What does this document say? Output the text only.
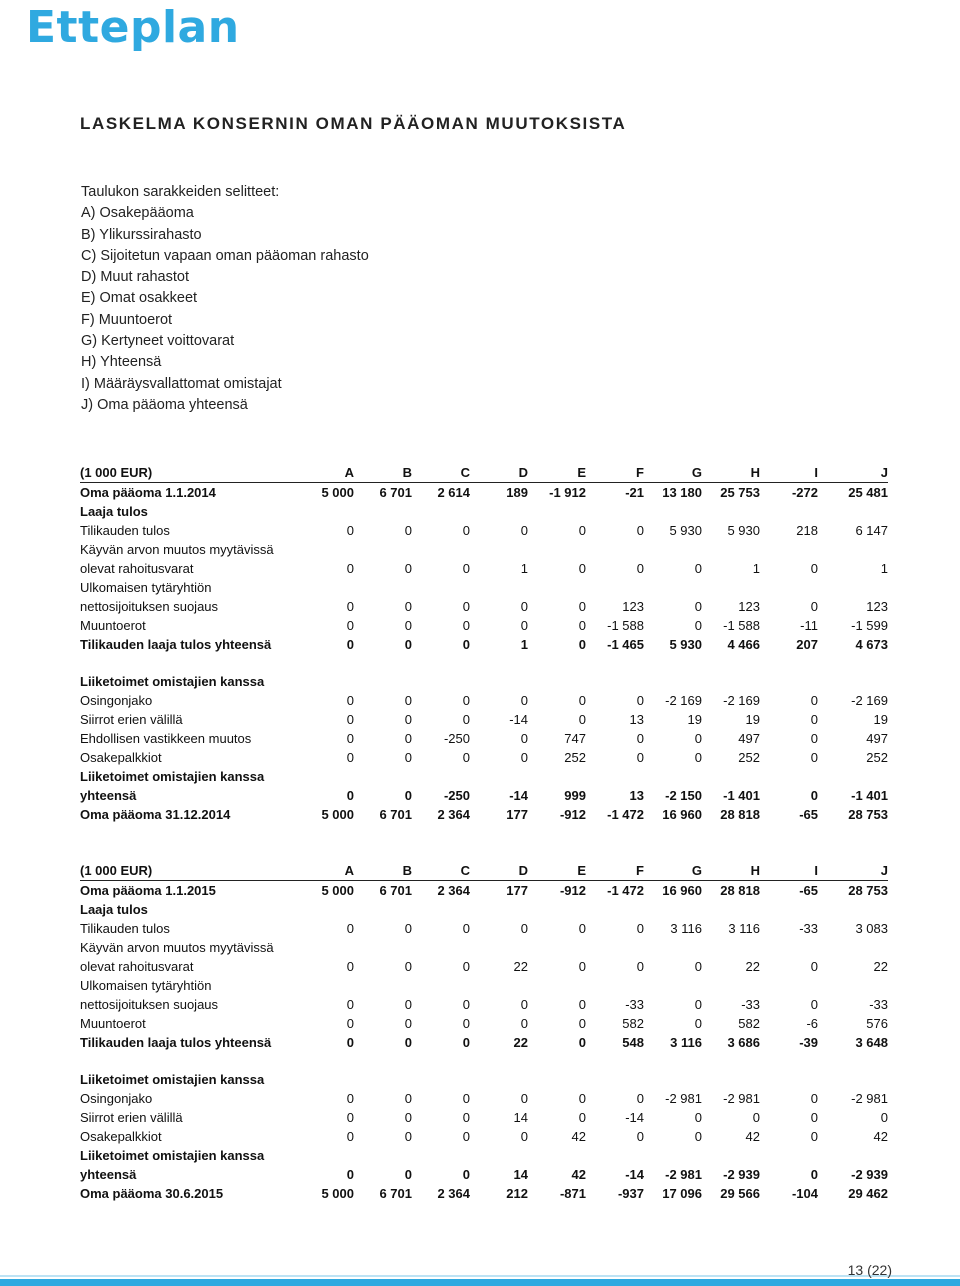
Etteplan
LASKELMA KONSERNIN OMAN PÄÄOMAN MUUTOKSISTA
Taulukon sarakkeiden selitteet:
A) Osakepääoma
B) Ylikurssirahasto
C) Sijoitetun vapaan oman pääoman rahasto
D) Muut rahastot
E) Omat osakkeet
F) Muuntoerot
G) Kertyneet voittovarat
H) Yhteensä
I) Määräysvallattomat omistajat
J) Oma pääoma yhteensä
(1 000 EUR)	A	B	C	D	E	F	G	H	I	J
Oma pääoma 1.1.2014	5 000	6 701	2 614	189	-1 912	-21	13 180	25 753	-272	25 481
Laaja tulos										
Tilikauden tulos	0	0	0	0	0	0	5 930	5 930	218	6 147
Käyvän arvon muutos myytävissä										
olevat rahoitusvarat	0	0	0	1	0	0	0	1	0	1
Ulkomaisen tytäryhtiön										
nettosijoituksen suojaus	0	0	0	0	0	123	0	123	0	123
Muuntoerot	0	0	0	0	0	-1 588	0	-1 588	-11	-1 599
Tilikauden laaja tulos yhteensä	0	0	0	1	0	-1 465	5 930	4 466	207	4 673

Liiketoimet omistajien kanssa										
Osingonjako	0	0	0	0	0	0	-2 169	-2 169	0	-2 169
Siirrot erien välillä	0	0	0	-14	0	13	19	19	0	19
Ehdollisen vastikkeen muutos	0	0	-250	0	747	0	0	497	0	497
Osakepalkkiot	0	0	0	0	252	0	0	252	0	252
Liiketoimet omistajien kanssa										
yhteensä	0	0	-250	-14	999	13	-2 150	-1 401	0	-1 401
Oma pääoma 31.12.2014	5 000	6 701	2 364	177	-912	-1 472	16 960	28 818	-65	28 753
(1 000 EUR)	A	B	C	D	E	F	G	H	I	J
Oma pääoma 1.1.2015	5 000	6 701	2 364	177	-912	-1 472	16 960	28 818	-65	28 753
Laaja tulos										
Tilikauden tulos	0	0	0	0	0	0	3 116	3 116	-33	3 083
Käyvän arvon muutos myytävissä										
olevat rahoitusvarat	0	0	0	22	0	0	0	22	0	22
Ulkomaisen tytäryhtiön										
nettosijoituksen suojaus	0	0	0	0	0	-33	0	-33	0	-33
Muuntoerot	0	0	0	0	0	582	0	582	-6	576
Tilikauden laaja tulos yhteensä	0	0	0	22	0	548	3 116	3 686	-39	3 648

Liiketoimet omistajien kanssa										
Osingonjako	0	0	0	0	0	0	-2 981	-2 981	0	-2 981
Siirrot erien välillä	0	0	0	14	0	-14	0	0	0	0
Osakepalkkiot	0	0	0	0	42	0	0	42	0	42
Liiketoimet omistajien kanssa										
yhteensä	0	0	0	14	42	-14	-2 981	-2 939	0	-2 939
Oma pääoma 30.6.2015	5 000	6 701	2 364	212	-871	-937	17 096	29 566	-104	29 462
13 (22)
